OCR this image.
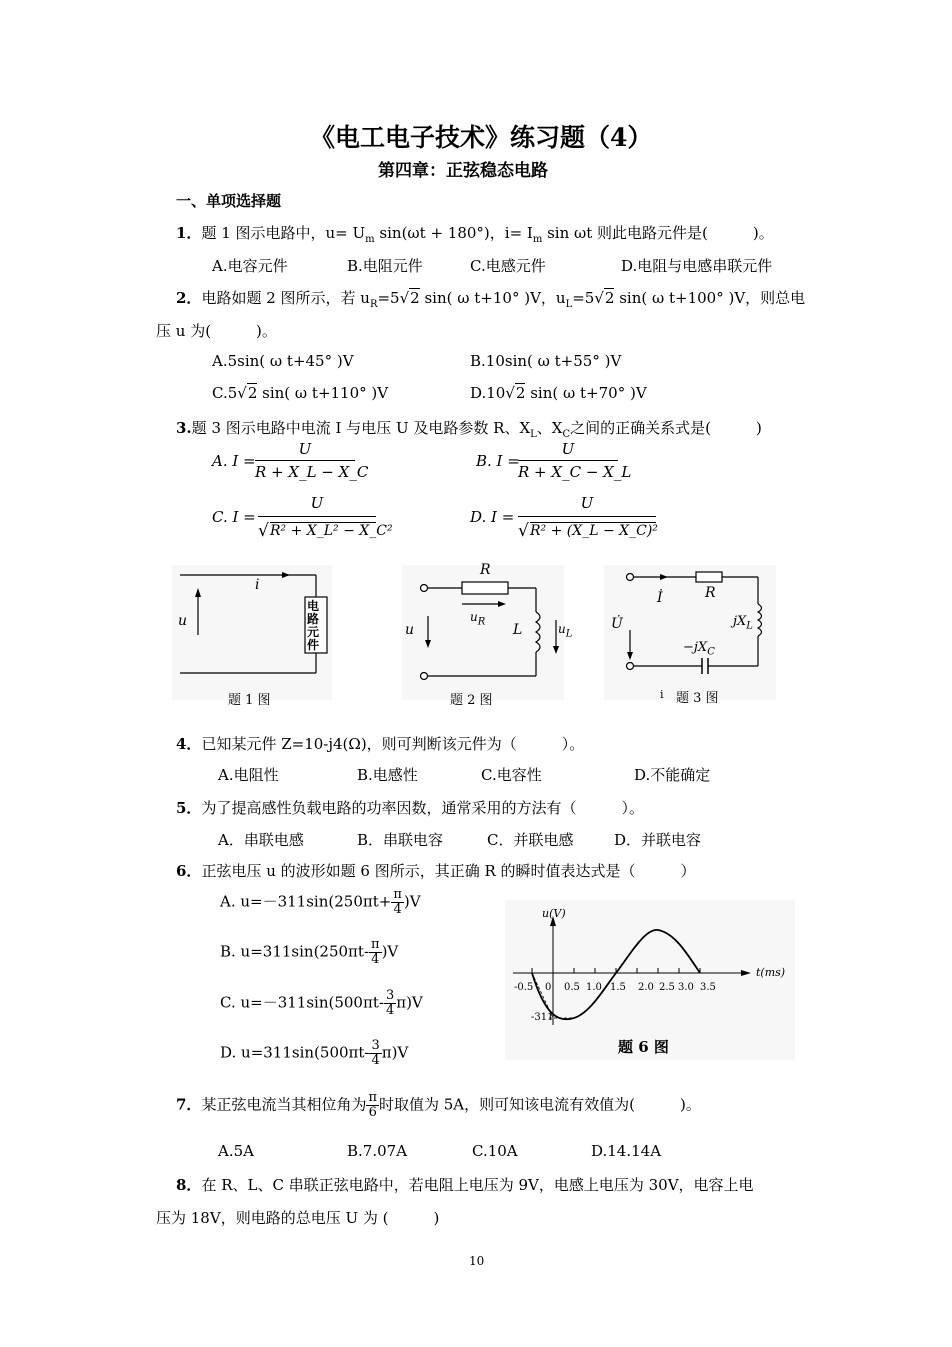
《电工电子技术》练习题（4）
第四章：正弦稳态电路
一、单项选择题
1．题 1 图示电路中，$u= U_m$ sin(ωt + 180°)，$i= I_m$ sin ωt 则此电路元件是(　　　)。
A.电容元件	B.电阻元件	C.电感元件	D.电阻与电感串联元件
2．电路如题 2 图所示，若 $u_R=5√2$ sin( ω t+10° )V，$u_L=5√2$ sin( ω t+100° )V，则总电
压 u 为(　　　)。
A.5sin( ω t+45° )V	B.10sin( ω t+55° )V
C.5√2 sin( ω t+110° )V	D.10√2 sin( ω t+70° )V
3.题 3 图示电路中电流 I 与电压 U 及电路参数 R、$X_L$、$X_C$之间的正确关系式是(　　　)
A. I =
U
R + X_L − X_C
B. I =
U
R + X_C − X_L
C. I =
U
√ R² + X_L² − X_C²
D. I =
U
√ R² + (X_L − X_C)²
i
u
电路元件
题 1 图
R
$u_R$
u	L	$u_L$
题 2 图
İ	R
U̇	$jX_L$
$-jX_C$
i 题 3 图
4．已知某元件 Z=10-j4(Ω)，则可判断该元件为（　　　）。
A.电阻性	B.电感性	C.电容性	D.不能确定
5．为了提高感性负载电路的功率因数，通常采用的方法有（　　　）。
A．串联电感	B．串联电容	C．并联电感	D．并联电容
6．正弦电压 u 的波形如题 6 图所示，其正确 R 的瞬时值表达式是（　　　）
A. $u=-311\sin(250\pi t+ \frac{\pi}{4} )V$
B. $u=311\sin(250\pi t- \frac{\pi}{4} )V$
C. $u=-311\sin(500\pi t- \frac{3}{4} \pi)V$
D. $u=311\sin(500\pi t- \frac{3}{4} \pi)V$
u(V)
t(ms)
-0.5 0 0.5 1.0 1.5 2.0 2.5 3.0 3.5
-311
题 6 图
7．某正弦电流当其相位角为 $\frac{\pi}{6}$ 时取值为 5A，则可知该电流有效值为(　　　)。
A.5A	B.7.07A	C.10A	D.14.14A
8．在 R、L、C 串联正弦电路中，若电阻上电压为 9V，电感上电压为 30V，电容上电
压为 18V，则电路的总电压 U 为 (　　　)
10
